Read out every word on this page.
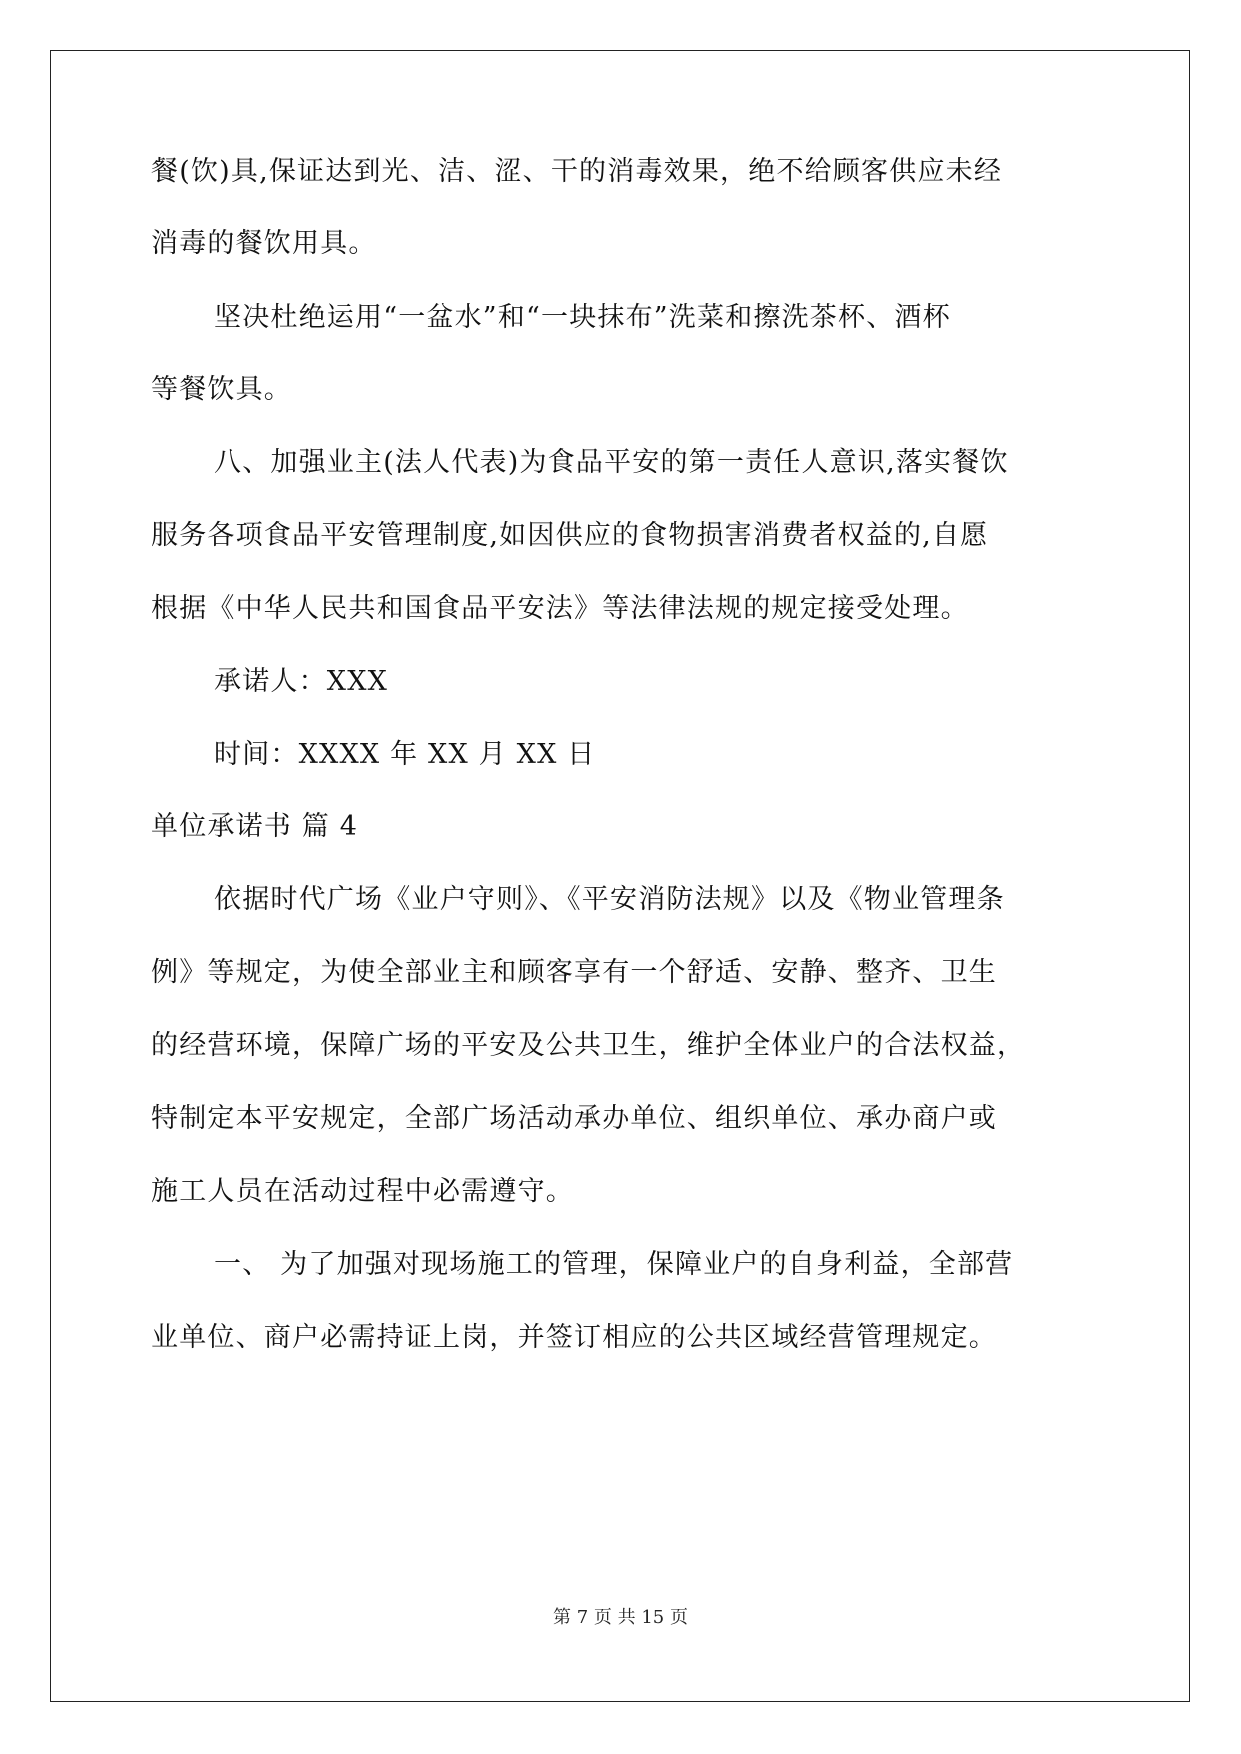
餐(饮)具,保证达到光、洁、涩、干的消毒效果，绝不给顾客供应未经
消毒的餐饮用具。
坚决杜绝运用“一盆水”和“一块抹布”洗菜和擦洗茶杯、酒杯
等餐饮具。
八、加强业主(法人代表)为食品平安的第一责任人意识,落实餐饮
服务各项食品平安管理制度,如因供应的食物损害消费者权益的,自愿
根据《中华人民共和国食品平安法》等法律法规的规定接受处理。
承诺人：XXX
时间：XXXX 年 XX 月 XX 日
单位承诺书 篇 4
依据时代广场《业户守则》、《平安消防法规》以及《物业管理条
例》等规定，为使全部业主和顾客享有一个舒适、安静、整齐、卫生
的经营环境，保障广场的平安及公共卫生，维护全体业户的合法权益，
特制定本平安规定，全部广场活动承办单位、组织单位、承办商户或
施工人员在活动过程中必需遵守。
一、 为了加强对现场施工的管理，保障业户的自身利益，全部营
业单位、商户必需持证上岗，并签订相应的公共区域经营管理规定。
第 7 页 共 15 页
